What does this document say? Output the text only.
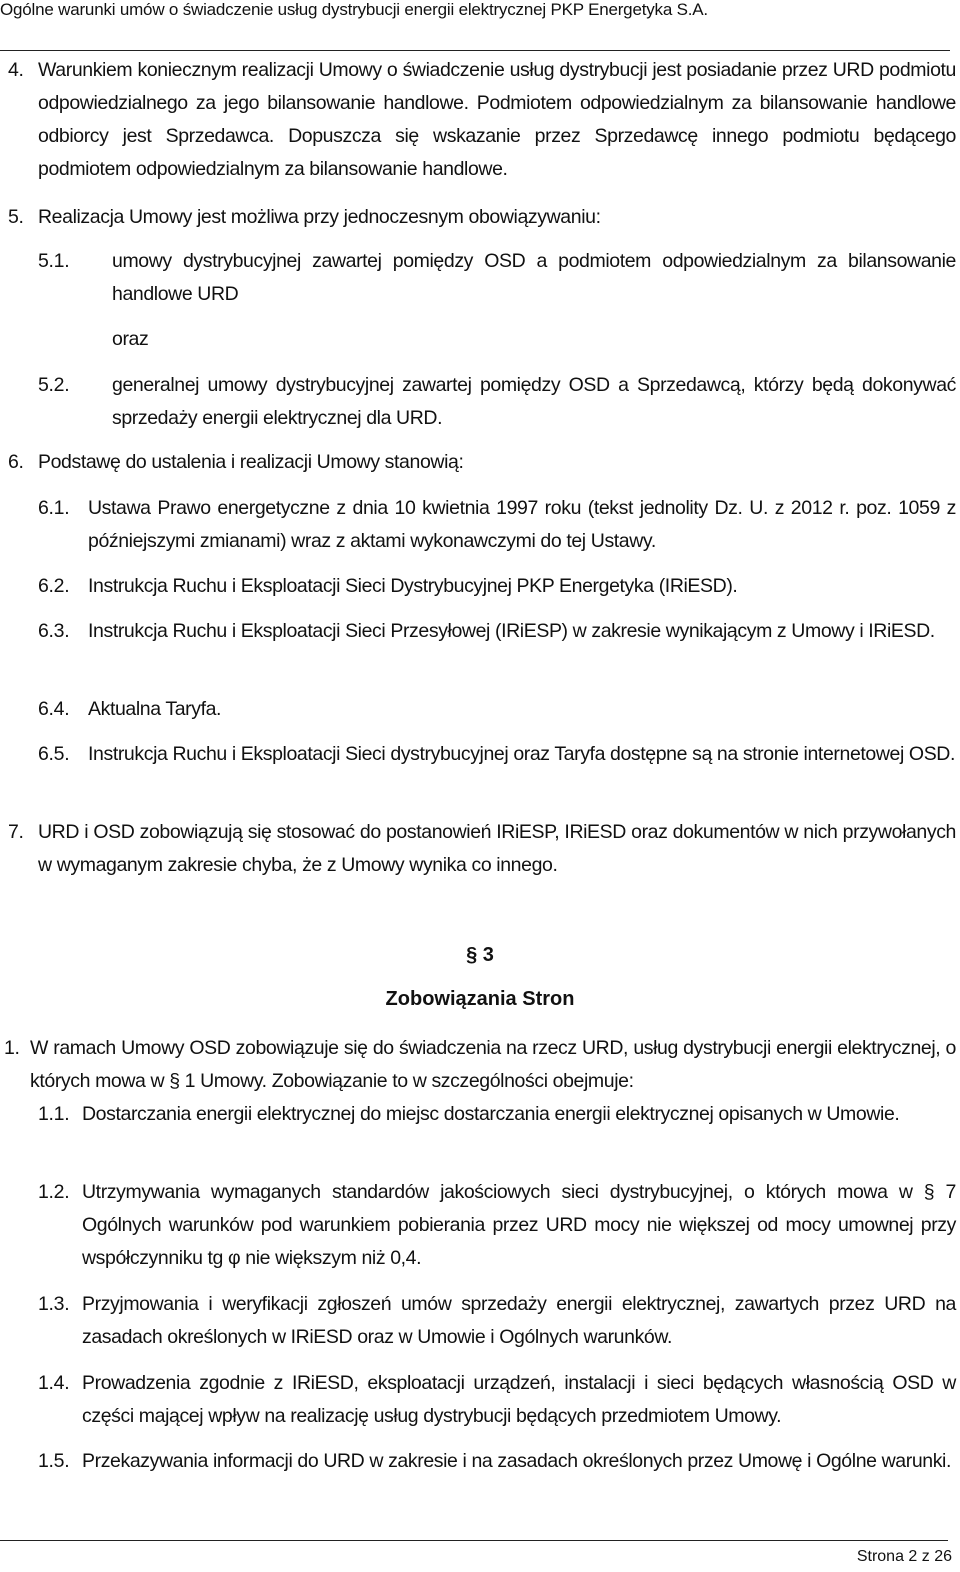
Ogólne warunki umów o świadczenie usług dystrybucji energii elektrycznej PKP Energetyka S.A.
4. Warunkiem koniecznym realizacji Umowy o świadczenie usług dystrybucji jest posiadanie przez URD podmiotu odpowiedzialnego za jego bilansowanie handlowe. Podmiotem odpowiedzialnym za bilansowanie handlowe odbiorcy jest Sprzedawca. Dopuszcza się wskazanie przez Sprzedawcę innego podmiotu będącego podmiotem odpowiedzialnym za bilansowanie handlowe.
5. Realizacja Umowy jest możliwa przy jednoczesnym obowiązywaniu:
5.1. umowy dystrybucyjnej zawartej pomiędzy OSD a podmiotem odpowiedzialnym za bilansowanie handlowe URD
oraz
5.2. generalnej umowy dystrybucyjnej zawartej pomiędzy OSD a Sprzedawcą, którzy będą dokonywać sprzedaży energii elektrycznej dla URD.
6. Podstawę do ustalenia i realizacji Umowy stanowią:
6.1. Ustawa Prawo energetyczne z dnia 10 kwietnia 1997 roku (tekst jednolity Dz. U. z 2012 r. poz. 1059 z późniejszymi zmianami) wraz z aktami wykonawczymi do tej Ustawy.
6.2. Instrukcja Ruchu i Eksploatacji Sieci Dystrybucyjnej PKP Energetyka (IRiESD).
6.3. Instrukcja Ruchu i Eksploatacji Sieci Przesyłowej (IRiESP) w zakresie wynikającym z Umowy i IRiESD.
6.4. Aktualna Taryfa.
6.5. Instrukcja Ruchu i Eksploatacji Sieci dystrybucyjnej oraz Taryfa dostępne są na stronie internetowej OSD.
7. URD i OSD zobowiązują się stosować do postanowień IRiESP, IRiESD oraz dokumentów w nich przywołanych w wymaganym zakresie chyba, że z Umowy wynika co innego.
§ 3
Zobowiązania Stron
1. W ramach Umowy OSD zobowiązuje się do świadczenia na rzecz URD, usług dystrybucji energii elektrycznej, o których mowa w § 1 Umowy. Zobowiązanie to w szczególności obejmuje:
1.1. Dostarczania energii elektrycznej do miejsc dostarczania energii elektrycznej opisanych w Umowie.
1.2. Utrzymywania wymaganych standardów jakościowych sieci dystrybucyjnej, o których mowa w § 7 Ogólnych warunków pod warunkiem pobierania przez URD mocy nie większej od mocy umownej przy współczynniku tg φ nie większym niż 0,4.
1.3. Przyjmowania i weryfikacji zgłoszeń umów sprzedaży energii elektrycznej, zawartych przez URD na zasadach określonych w IRiESD oraz w Umowie i Ogólnych warunków.
1.4. Prowadzenia zgodnie z IRiESD, eksploatacji urządzeń, instalacji i sieci będących własnością OSD w części mającej wpływ na realizację usług dystrybucji będących przedmiotem Umowy.
1.5. Przekazywania informacji do URD w zakresie i na zasadach określonych przez Umowę i Ogólne warunki.
Strona 2 z 26
